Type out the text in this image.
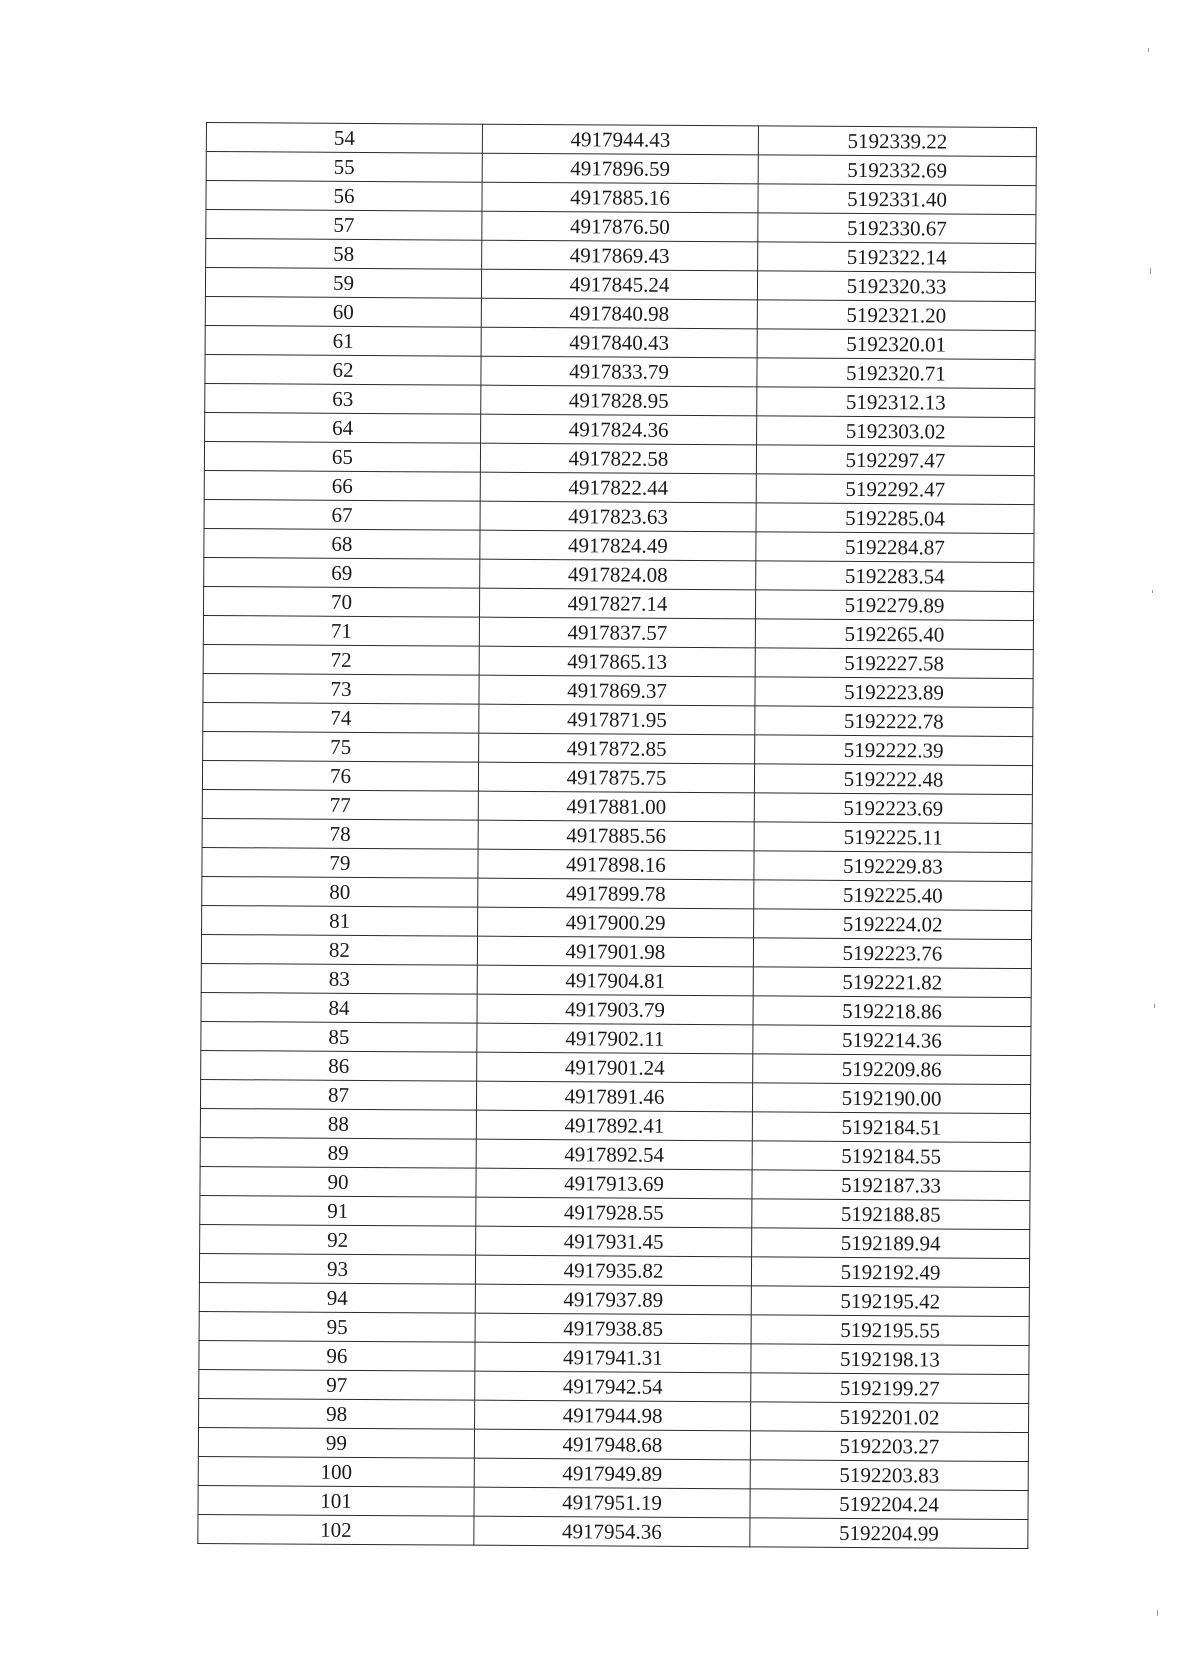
54	4917944.43	5192339.22
55	4917896.59	5192332.69
56	4917885.16	5192331.40
57	4917876.50	5192330.67
58	4917869.43	5192322.14
59	4917845.24	5192320.33
60	4917840.98	5192321.20
61	4917840.43	5192320.01
62	4917833.79	5192320.71
63	4917828.95	5192312.13
64	4917824.36	5192303.02
65	4917822.58	5192297.47
66	4917822.44	5192292.47
67	4917823.63	5192285.04
68	4917824.49	5192284.87
69	4917824.08	5192283.54
70	4917827.14	5192279.89
71	4917837.57	5192265.40
72	4917865.13	5192227.58
73	4917869.37	5192223.89
74	4917871.95	5192222.78
75	4917872.85	5192222.39
76	4917875.75	5192222.48
77	4917881.00	5192223.69
78	4917885.56	5192225.11
79	4917898.16	5192229.83
80	4917899.78	5192225.40
81	4917900.29	5192224.02
82	4917901.98	5192223.76
83	4917904.81	5192221.82
84	4917903.79	5192218.86
85	4917902.11	5192214.36
86	4917901.24	5192209.86
87	4917891.46	5192190.00
88	4917892.41	5192184.51
89	4917892.54	5192184.55
90	4917913.69	5192187.33
91	4917928.55	5192188.85
92	4917931.45	5192189.94
93	4917935.82	5192192.49
94	4917937.89	5192195.42
95	4917938.85	5192195.55
96	4917941.31	5192198.13
97	4917942.54	5192199.27
98	4917944.98	5192201.02
99	4917948.68	5192203.27
100	4917949.89	5192203.83
101	4917951.19	5192204.24
102	4917954.36	5192204.99
